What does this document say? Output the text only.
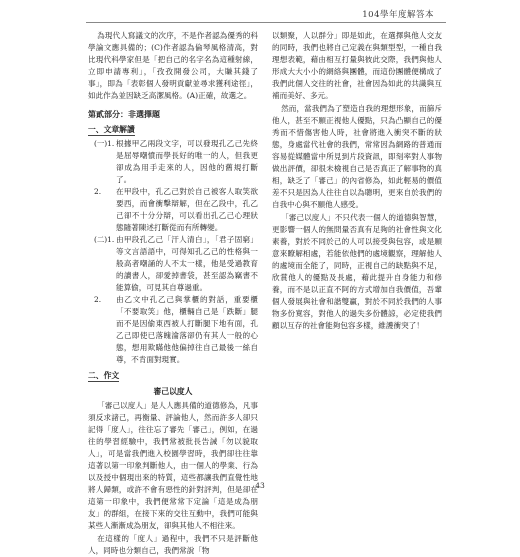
104學年度解答本

為現代人寫議文的次序，不是作者認為優秀的科學論文應具備的；(C)作者認為倫琴風格清高，對比現代科學家但是「把自己的名字名為這種射線，立即申請專利」，「孜孜開發公司，大賺其錢了事」，即為「表彰個人發明貢獻並尋求獲利途徑」，如此作為並因缺乏高潔風格。(A)正確，故選之。

第貳部分：非選擇題
一、文章解讀
(一)1. 根據甲乙兩段文字，可以發現孔乙己先終是屈辱嘲憤而學長好的唯一的人，但我更卻成為用手走來的人，因他的舊規打斷了。
2.	在甲段中，孔乙己對於自己被客人取笑欲要西，而會衝擊辯解，但在乙段中，孔乙己卻不十分分辯，可以看出孔乙己心理狀態隨著陳述打斷從而有所轉變。
(二)1. 由甲段孔乙己「汗人清白」，「君子固窮」等文言語語中，可得知孔乙己的性格與一般高者嘲誦的人不太一樣，他是受過教育的讀書人，卻愛掉書袋，甚至認為竊書不能算偷，可見其自尊過重。
2.	由乙文中孔乙己與掌櫃的對話，重要櫃「不要取笑」他，櫃輛自己是「跌斷」腿而不是因偷東西被人打斷腿下地有面，孔乙己即使已落魄淪落卻仍有其人一般的心態，想用欺瞞他他偏掉往自己最後一絲自尊，不肯面對現實。
二、作文
審己以度人

「審己以度人」是人人應具備的道德修為，凡事須反求諸己，再衡量、評論他人，然而許多人卻只記得「度人」，往往忘了審先「審己」，例如，在過往的學習經驗中，我們常被批長告誡「勿以貌取人」，可是當我們進入校園學習時，我們卻往往靠這著以第一印象判斷他人，由一個人的學業、行為以及授中個現出來的特質，這些都讓我們直覺性地將人歸類，或許不會有惡性的針對評判，但是卻在這第一印象中，我們便常常下定論「這是成為朋友」的群組，在接下來的交往互動中，我們可能與某些人漸漸成為朋友，卻與其他人不相往來。

在這樣的「度人」過程中，我們不只是評斷他人，同時也分類自己，我們常說「物

以類聚，人以群分」即是如此，在選擇與他人交友的同時，我們也將自己定義在與類型型，一種自我理想表範，藉由相互打量與彼此交際，我們與他人形成大大小小的網絡與團體，而這份團體便構成了我們此個人交往的社會，社會因為如此的共識與互補而美好、多元。

然而，當我們為了塑造自我的理想形象，而篩斥他人，甚至不願正視他人優點，只為凸顯自己的優秀而不惜傷害他人時，社會將進入衝突不斷的狀態，身處當代社會的我們，常常因為網路的普通而容易從媒體當中所見到片段資訊，即刻率對人事物做出評價，卻很未檢視自己是否真正了解事物的真相，缺乏了「審己」的內省修為，如此輕易的價值差不只是因為人往往自以為聰明，更來自於我們的自我中心與不願他人感受。

「審己以度人」不只代表一個人的道德與智慧，更影響一個人的無問量否真有足夠的社會性與文化素養，對於不同於己的人可以接受與包容，或是願意來瞭解相處，若能依他們的處境觀察，理解他人的處境而全能了，同時，正視自己的缺點與不足，欣賞他人的優點及長處，藉此提升自身能力和修養，而不是以正直不阿的方式增加自我價值，吾輩個人發展與社會和諧雙贏，對於不同於我們的人事物多份寬容，對他人的過失多份體諒，必定使我們顧以互存的社會能夠包容多樣，維護衝突了！

43
